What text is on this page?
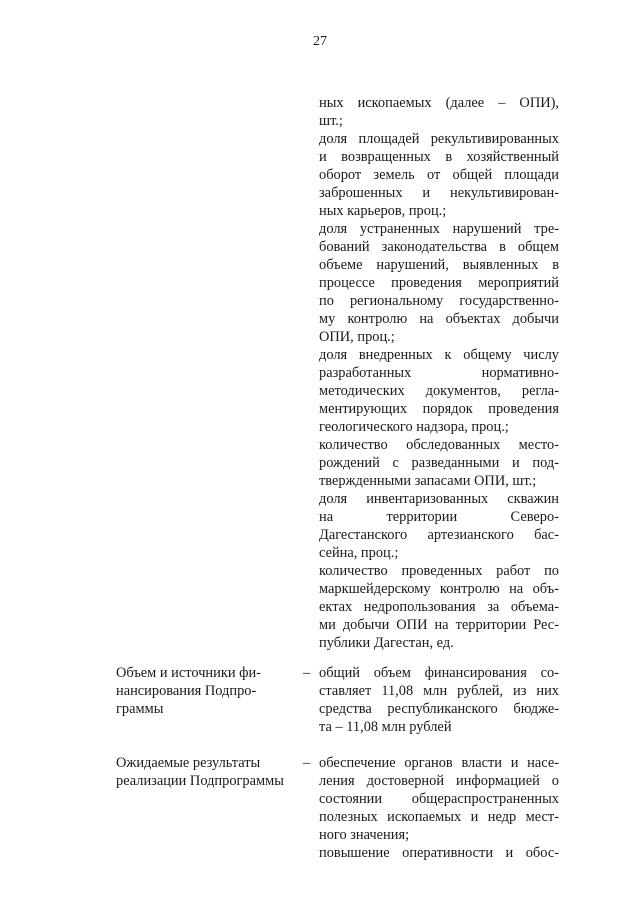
27
ных ископаемых (далее – ОПИ),
шт.;
доля площадей рекультивированных
и возвращенных в хозяйственный
оборот земель от общей площади
заброшенных и некультивирован-
ных карьеров, проц.;
доля устраненных нарушений тре-
бований законодательства в общем
объеме нарушений, выявленных в
процессе проведения мероприятий
по региональному государственно-
му контролю на объектах добычи
ОПИ, проц.;
доля внедренных к общему числу
разработанных нормативно-
методических документов, регла-
ментирующих порядок проведения
геологического надзора, проц.;
количество обследованных место-
рождений с разведанными и под-
твержденными запасами ОПИ, шт.;
доля инвентаризованных скважин
на территории Северо-
Дагестанского артезианского бас-
сейна, проц.;
количество проведенных работ по
маркшейдерскому контролю на объ-
ектах недропользования за объема-
ми добычи ОПИ на территории Рес-
публики Дагестан, ед.
Объем и источники фи-
нансирования Подпро-
граммы
– общий объем финансирования со-
ставляет 11,08 млн рублей, из них
средства республиканского бюдже-
та – 11,08 млн рублей
Ожидаемые результаты
реализации Подпрограммы
– обеспечение органов власти и насе-
ления достоверной информацией о
состоянии общераспространенных
полезных ископаемых и недр мест-
ного значения;
повышение оперативности и обос-
